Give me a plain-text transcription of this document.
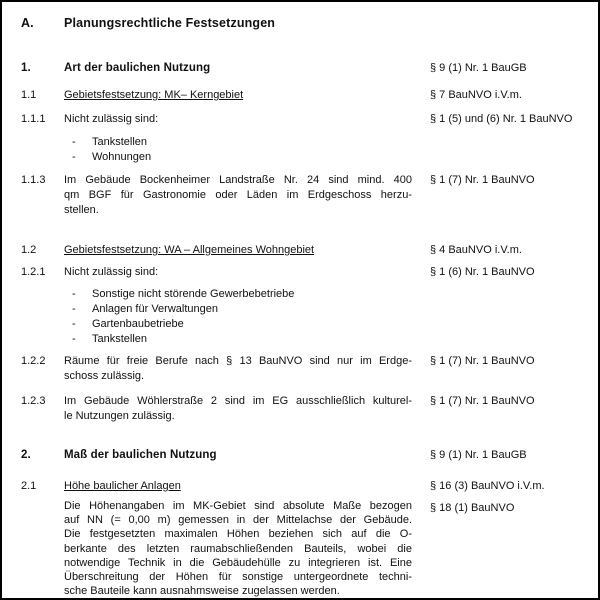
A. Planungsrechtliche Festsetzungen
1.	Art der baulichen Nutzung	§ 9 (1) Nr. 1 BauGB
1.1	Gebietsfestsetzung: MK– Kerngebiet	§ 7 BauNVO i.V.m.
1.1.1 Nicht zulässig sind:	§ 1 (5) und (6) Nr. 1 BauNVO
- Tankstellen
- Wohnungen
1.1.3 Im Gebäude Bockenheimer Landstraße Nr. 24 sind mind. 400
qm BGF für Gastronomie oder Läden im Erdgeschoss herzu-
stellen.
§ 1 (7) Nr. 1 BauNVO
1.2	Gebietsfestsetzung: WA – Allgemeines Wohngebiet	§ 4 BauNVO i.V.m.
1.2.1 Nicht zulässig sind:	§ 1 (6) Nr. 1 BauNVO
- Sonstige nicht störende Gewerbebetriebe
- Anlagen für Verwaltungen
- Gartenbaubetriebe
- Tankstellen
1.2.2 Räume für freie Berufe nach § 13 BauNVO sind nur im Erdge-
schoss zulässig.
§ 1 (7) Nr. 1 BauNVO
1.2.3 Im Gebäude Wöhlerstraße 2 sind im EG ausschließlich kulturel-
le Nutzungen zulässig.
§ 1 (7) Nr. 1 BauNVO
2.	Maß der baulichen Nutzung	§ 9 (1) Nr. 1 BauGB
2.1	Höhe baulicher Anlagen	§ 16 (3) BauNVO i.V.m.
Die Höhenangaben im MK-Gebiet sind absolute Maße bezogen
auf NN (= 0,00 m) gemessen in der Mittelachse der Gebäude.
Die festgesetzten maximalen Höhen beziehen sich auf die O-
berkante des letzten raumabschließenden Bauteils, wobei die
notwendige Technik in die Gebäudehülle zu integrieren ist. Eine
Überschreitung der Höhen für sonstige untergeordnete techni-
sche Bauteile kann ausnahmsweise zugelassen werden.
§ 18 (1) BauNVO
